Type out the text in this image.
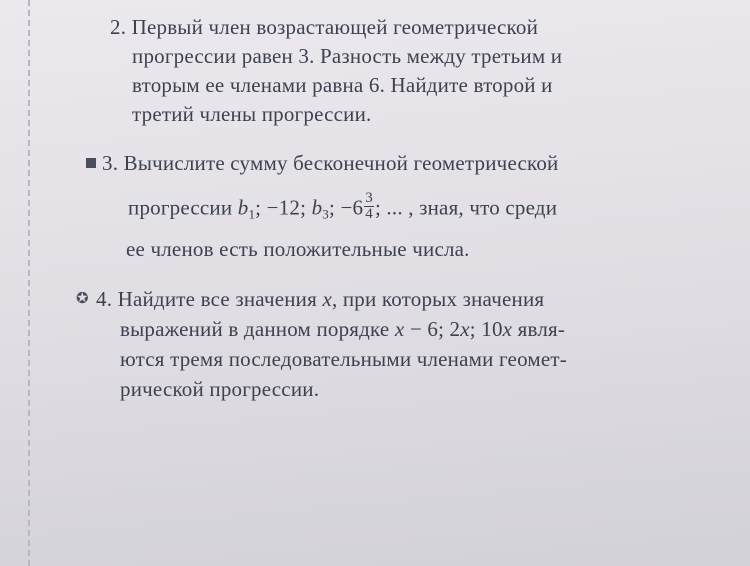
2. Первый член возрастающей геометрической
прогрессии равен 3. Разность между третьим и
вторым ее членами равна 6. Найдите второй и
третий члены прогрессии.
3. Вычислите сумму бесконечной геометрической
прогрессии $b_1$; −12; $b_3$; $-6 \frac{3}{4}$ ; ... , зная, что среди
ее членов есть положительные числа.
✪ 4. Найдите все значения x, при которых значения
выражений в данном порядке x − 6; 2x; 10x явля-
ются тремя последовательными членами геомет-
рической прогрессии.
